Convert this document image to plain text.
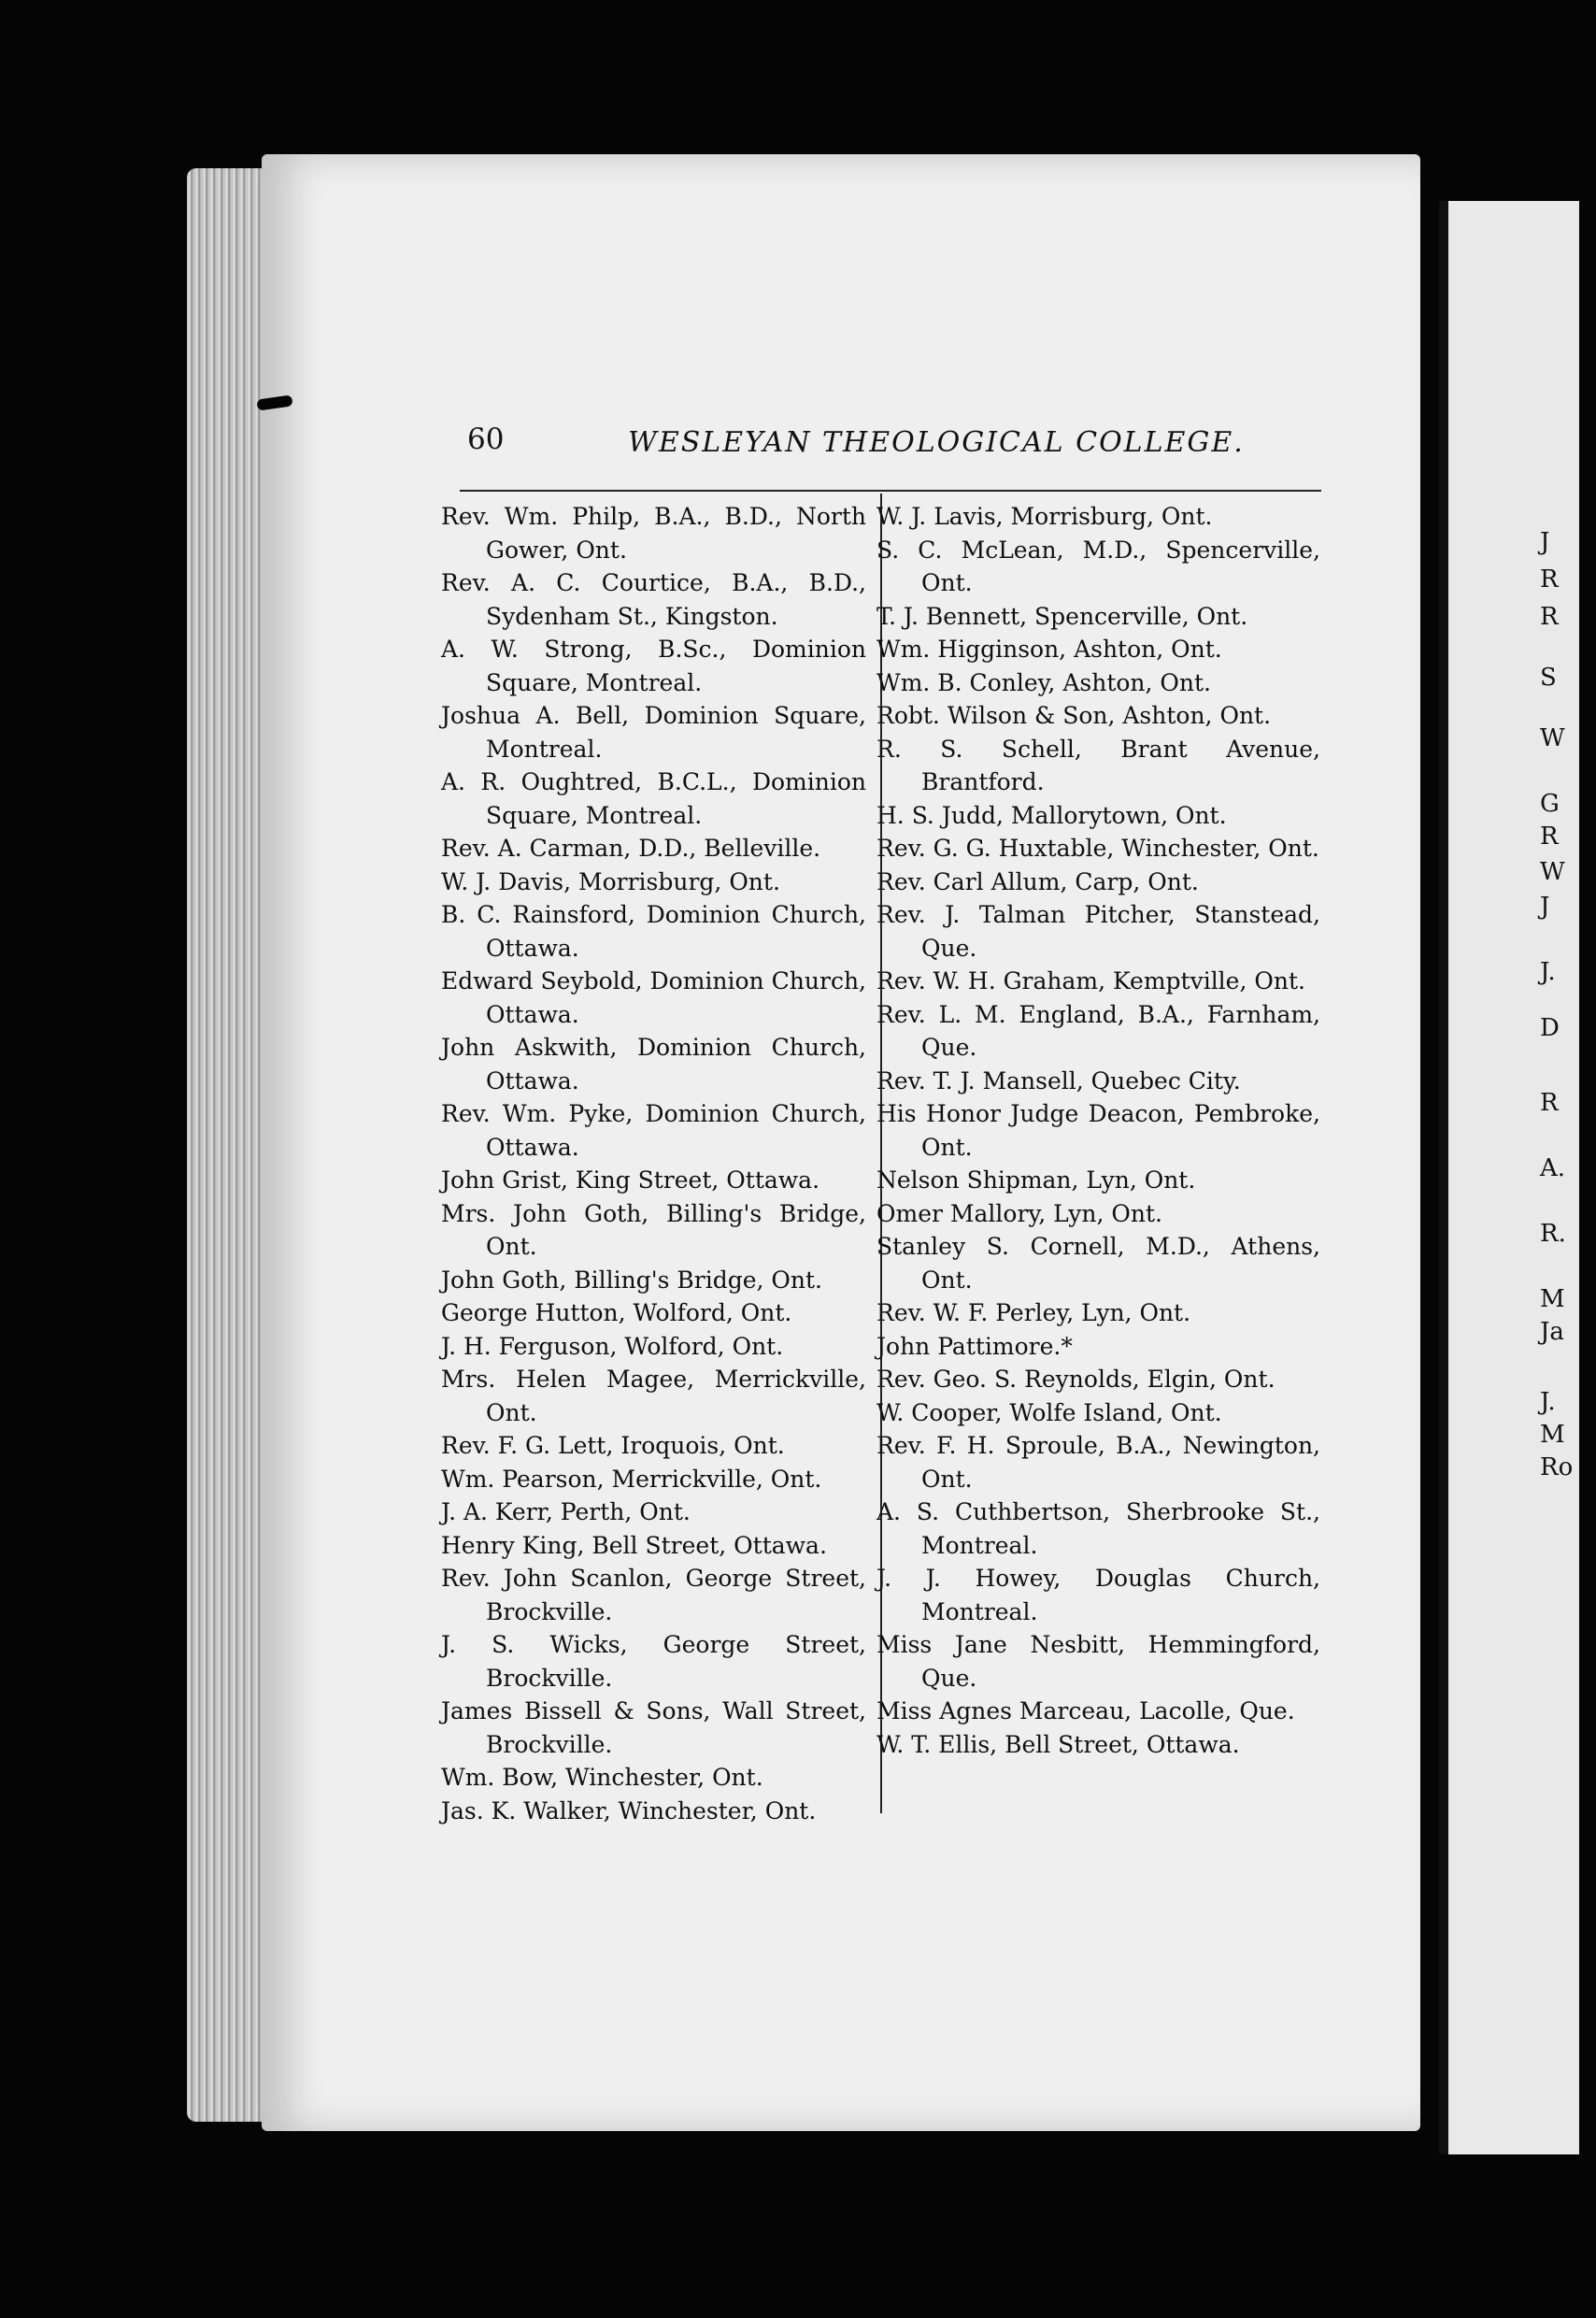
J
R
R
S
W
G
R
W
J
J.
D
R
A.
R.
M
Ja
J.
M
Ro
60	WESLEYAN THEOLOGICAL COLLEGE.

Rev. Wm. Philp, B.A., B.D., North Gower, Ont.

Rev. A. C. Courtice, B.A., B.D., Sydenham St., Kingston.

A. W. Strong, B.Sc., Dominion Square, Montreal.

Joshua A. Bell, Dominion Square, Montreal.

A. R. Oughtred, B.C.L., Dominion Square, Montreal.

Rev. A. Carman, D.D., Belleville.

W. J. Davis, Morrisburg, Ont.

B. C. Rainsford, Dominion Church, Ottawa.

Edward Seybold, Dominion Church, Ottawa.

John Askwith, Dominion Church, Ottawa.

Rev. Wm. Pyke, Dominion Church, Ottawa.

John Grist, King Street, Ottawa.

Mrs. John Goth, Billing's Bridge, Ont.

John Goth, Billing's Bridge, Ont.

George Hutton, Wolford, Ont.

J. H. Ferguson, Wolford, Ont.

Mrs. Helen Magee, Merrickville, Ont.

Rev. F. G. Lett, Iroquois, Ont.

Wm. Pearson, Merrickville, Ont.

J. A. Kerr, Perth, Ont.

Henry King, Bell Street, Ottawa.

Rev. John Scanlon, George Street, Brockville.

J. S. Wicks, George Street, Brockville.

James Bissell & Sons, Wall Street, Brockville.

Wm. Bow, Winchester, Ont.

Jas. K. Walker, Winchester, Ont.

W. J. Lavis, Morrisburg, Ont.

S. C. McLean, M.D., Spencerville, Ont.

T. J. Bennett, Spencerville, Ont.

Wm. Higginson, Ashton, Ont.

Wm. B. Conley, Ashton, Ont.

Robt. Wilson & Son, Ashton, Ont.

R. S. Schell, Brant Avenue, Brantford.

H. S. Judd, Mallorytown, Ont.

Rev. G. G. Huxtable, Winchester, Ont.

Rev. Carl Allum, Carp, Ont.

Rev. J. Talman Pitcher, Stanstead, Que.

Rev. W. H. Graham, Kemptville, Ont.

Rev. L. M. England, B.A., Farnham, Que.

Rev. T. J. Mansell, Quebec City.

His Honor Judge Deacon, Pembroke, Ont.

Nelson Shipman, Lyn, Ont.

Omer Mallory, Lyn, Ont.

Stanley S. Cornell, M.D., Athens, Ont.

Rev. W. F. Perley, Lyn, Ont.

John Pattimore.*

Rev. Geo. S. Reynolds, Elgin, Ont.

W. Cooper, Wolfe Island, Ont.

Rev. F. H. Sproule, B.A., Newington, Ont.

A. S. Cuthbertson, Sherbrooke St., Montreal.

J. J. Howey, Douglas Church, Montreal.

Miss Jane Nesbitt, Hemmingford, Que.

Miss Agnes Marceau, Lacolle, Que.

W. T. Ellis, Bell Street, Ottawa.
